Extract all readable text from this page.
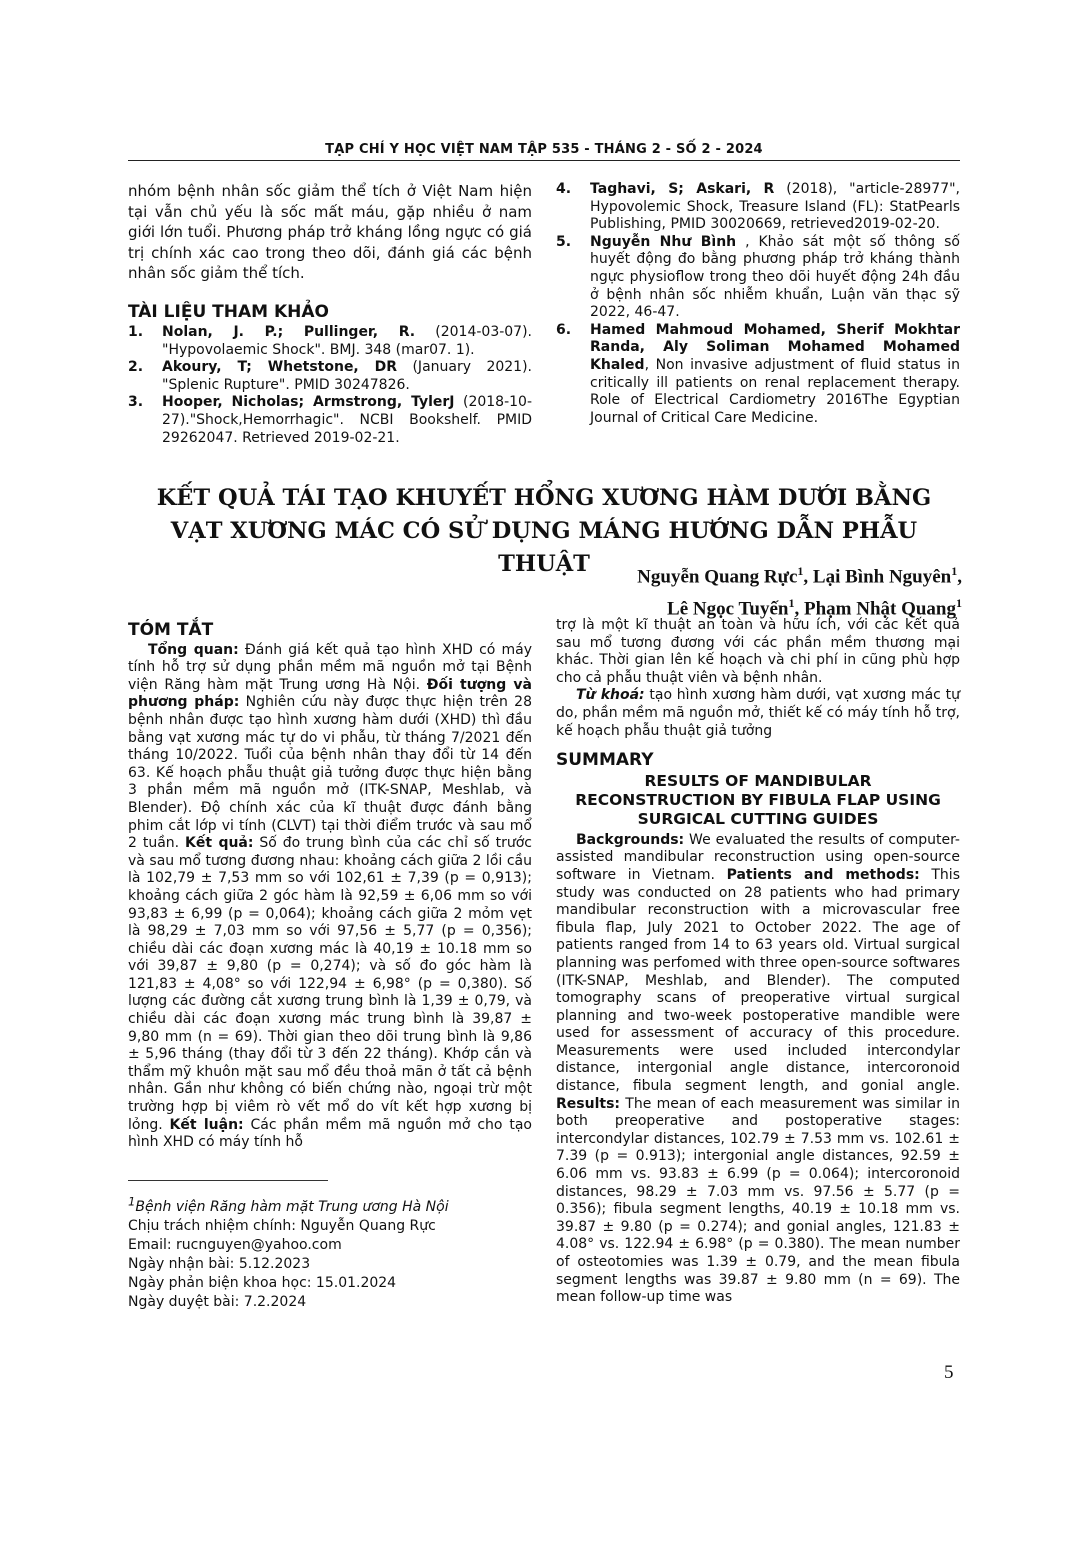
TẠP CHÍ Y HỌC VIỆT NAM TẬP 535 - THÁNG 2 - SỐ 2 - 2024

nhóm bệnh nhân sốc giảm thể tích ở Việt Nam hiện tại vẫn chủ yếu là sốc mất máu, gặp nhiều ở nam giới lớn tuổi. Phương pháp trở kháng lồng ngực có giá trị chính xác cao trong theo dõi, đánh giá các bệnh nhân sốc giảm thể tích.

TÀI LIỆU THAM KHẢO
1.	Nolan, J. P.; Pullinger, R. (2014-03-07). "Hypovolaemic Shock". BMJ. 348 (mar07. 1).
2.	Akoury, T; Whetstone, DR (January 2021). "Splenic Rupture". PMID 30247826.
3.	Hooper, Nicholas; Armstrong, TylerJ (2018-10-27)."Shock,Hemorrhagic". NCBI Bookshelf. PMID 29262047. Retrieved 2019-02-21.
4.	Taghavi, S; Askari, R (2018), "article-28977", Hypovolemic Shock, Treasure Island (FL): StatPearls Publishing, PMID 30020669, retrieved2019-02-20.
5.	Nguyễn Như Bình , Khảo sát một số thông số huyết động đo bằng phương pháp trở kháng thành ngực physioflow trong theo dõi huyết động 24h đầu ở bệnh nhân sốc nhiễm khuẩn, Luận văn thạc sỹ 2022, 46-47.
6.	Hamed Mahmoud Mohamed, Sherif Mokhtar Randa, Aly Soliman Mohamed Mohamed Khaled, Non invasive adjustment of fluid status in critically ill patients on renal replacement therapy. Role of Electrical Cardiometry 2016The Egyptian Journal of Critical Care Medicine.
KẾT QUẢ TÁI TẠO KHUYẾT HỔNG XƯƠNG HÀM DƯỚI BẰNG
VẠT XƯƠNG MÁC CÓ SỬ DỤNG MÁNG HƯỚNG DẪN PHẪU THUẬT	Nguyễn Quang Rực$^1$, Lại Bình Nguyên$^1$,
Lê Ngọc Tuyến$^1$, Phạm Nhật Quang$^1$
TÓM TẮT

Tổng quan: Đánh giá kết quả tạo hình XHD có máy tính hỗ trợ sử dụng phần mềm mã nguồn mở tại Bệnh viện Răng hàm mặt Trung ương Hà Nội. Đối tượng và phương pháp: Nghiên cứu này được thực hiện trên 28 bệnh nhân được tạo hình xương hàm dưới (XHD) thì đầu bằng vạt xương mác tự do vi phẫu, từ tháng 7/2021 đến tháng 10/2022. Tuổi của bệnh nhân thay đổi từ 14 đến 63. Kế hoạch phẫu thuật giả tưởng được thực hiện bằng 3 phần mềm mã nguồn mở (ITK-SNAP, Meshlab, và Blender). Độ chính xác của kĩ thuật được đánh bằng phim cắt lớp vi tính (CLVT) tại thời điểm trước và sau mổ 2 tuần. Kết quả: Số đo trung bình của các chỉ số trước và sau mổ tương đương nhau: khoảng cách giữa 2 lồi cầu là 102,79 ± 7,53 mm so với 102,61 ± 7,39 (p = 0,913); khoảng cách giữa 2 góc hàm là 92,59 ± 6,06 mm so với 93,83 ± 6,99 (p = 0,064); khoảng cách giữa 2 mỏm vẹt là 98,29 ± 7,03 mm so với 97,56 ± 5,77 (p = 0,356); chiều dài các đoạn xương mác là 40,19 ± 10.18 mm so với 39,87 ± 9,80 (p = 0,274); và số đo góc hàm là 121,83 ± 4,08° so với 122,94 ± 6,98° (p = 0,380). Số lượng các đường cắt xương trung bình là 1,39 ± 0,79, và chiều dài các đoạn xương mác trung bình là 39,87 ± 9,80 mm (n = 69). Thời gian theo dõi trung bình là 9,86 ± 5,96 tháng (thay đổi từ 3 đến 22 tháng). Khớp cắn và thẩm mỹ khuôn mặt sau mổ đều thoả mãn ở tất cả bệnh nhân. Gần như không có biến chứng nào, ngoại trừ một trường hợp bị viêm rò vết mổ do vít kết hợp xương bị lỏng. Kết luận: Các phần mềm mã nguồn mở cho tạo hình XHD có máy tính hỗ

$^1$Bệnh viện Răng hàm mặt Trung ương Hà Nội
Chịu trách nhiệm chính: Nguyễn Quang Rực
Email: rucnguyen@yahoo.com
Ngày nhận bài: 5.12.2023
Ngày phản biện khoa học: 15.01.2024
Ngày duyệt bài: 7.2.2024

trợ là một kĩ thuật an toàn và hữu ích, với các kết quả sau mổ tương đương với các phần mềm thương mại khác. Thời gian lên kế hoạch và chi phí in cũng phù hợp cho cả phẫu thuật viên và bệnh nhân.

Từ khoá: tạo hình xương hàm dưới, vạt xương mác tự do, phần mềm mã nguồn mở, thiết kế có máy tính hỗ trợ, kế hoạch phẫu thuật giả tưởng

SUMMARY
RESULTS OF MANDIBULAR
RECONSTRUCTION BY FIBULA FLAP USING
SURGICAL CUTTING GUIDES

Backgrounds: We evaluated the results of computer-assisted mandibular reconstruction using open-source software in Vietnam. Patients and methods: This study was conducted on 28 patients who had primary mandibular reconstruction with a microvascular free fibula flap, July 2021 to October 2022. The age of patients ranged from 14 to 63 years old. Virtual surgical planning was perfomed with three open-source softwares (ITK-SNAP, Meshlab, and Blender). The computed tomography scans of preoperative virtual surgical planning and two-week postoperative mandible were used for assessment of accuracy of this procedure. Measurements were used included intercondylar distance, intergonial angle distance, intercoronoid distance, fibula segment length, and gonial angle. Results: The mean of each measurement was similar in both preoperative and postoperative stages: intercondylar distances, 102.79 ± 7.53 mm vs. 102.61 ± 7.39 (p = 0.913); intergonial angle distances, 92.59 ± 6.06 mm vs. 93.83 ± 6.99 (p = 0.064); intercoronoid distances, 98.29 ± 7.03 mm vs. 97.56 ± 5.77 (p = 0.356); fibula segment lengths, 40.19 ± 10.18 mm vs. 39.87 ± 9.80 (p = 0.274); and gonial angles, 121.83 ± 4.08° vs. 122.94 ± 6.98° (p = 0.380). The mean number of osteotomies was 1.39 ± 0.79, and the mean fibula segment lengths was 39.87 ± 9.80 mm (n = 69). The mean follow-up time was

5
